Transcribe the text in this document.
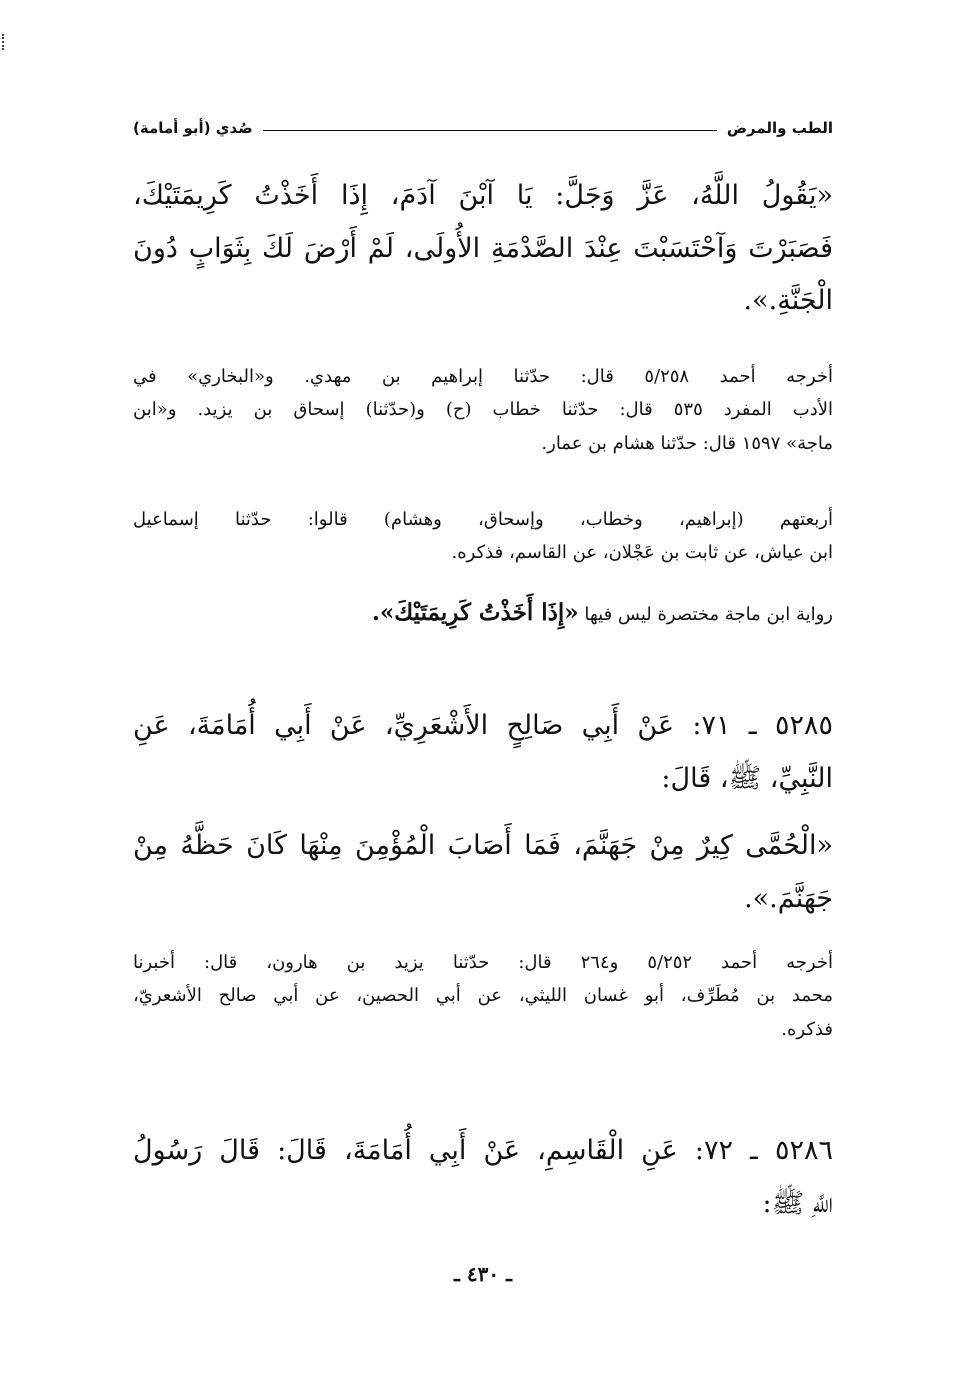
الطب والمرض
صُدي (أبو أمامة)
«يَقُولُ اللَّهُ، عَزَّ وَجَلَّ: يَا آبْنَ آدَمَ، إِذَا أَخَذْتُ كَرِيمَتَيْكَ،
فَصَبَرْتَ وَآحْتَسَبْتَ عِنْدَ الصَّدْمَةِ الأُولَى، لَمْ أَرْضَ لَكَ بِثَوَابٍ دُونَ
الْجَنَّةِ.».
أخرجه أحمد ٥/٢٥٨ قال: حدّثنا إبراهيم بن مهدي. و«البخاري» في
الأدب المفرد ٥٣٥ قال: حدّثنا خطاب (ح) و(حدّثنا) إسحاق بن يزيد. و«ابن
ماجة» ١٥٩٧ قال: حدّثنا هشام بن عمار.
أربعتهم (إبراهيم، وخطاب، وإسحاق، وهشام) قالوا: حدّثنا إسماعيل
ابن عياش، عن ثابت بن عَجْلان، عن القاسم، فذكره.
رواية ابن ماجة مختصرة ليس فيها «إِذَا أَخَذْتُ كَرِيمَتَيْكَ».
٥٢٨٥ ـ ٧١: عَنْ أَبِي صَالِحٍ الأَشْعَرِيِّ، عَنْ أَبِي أُمَامَةَ، عَنِ
النَّبِيِّ، ﷺ، قَالَ:
«الْحُمَّى كِيرٌ مِنْ جَهَنَّمَ، فَمَا أَصَابَ الْمُؤْمِنَ مِنْهَا كَانَ حَظَّهُ مِنْ
جَهَنَّمَ.».
أخرجه أحمد ٥/٢٥٢ و٢٦٤ قال: حدّثنا يزيد بن هارون، قال: أخبرنا
محمد بن مُطَرِّف، أبو غسان الليثي، عن أبي الحصين، عن أبي صالح الأشعريّ،
فذكره.
٥٢٨٦ ـ ٧٢: عَنِ الْقَاسِمِ، عَنْ أَبِي أُمَامَةَ، قَالَ: قَالَ رَسُولُ
اللَّهِ ﷺ:
ـ ٤٣٠ ـ
